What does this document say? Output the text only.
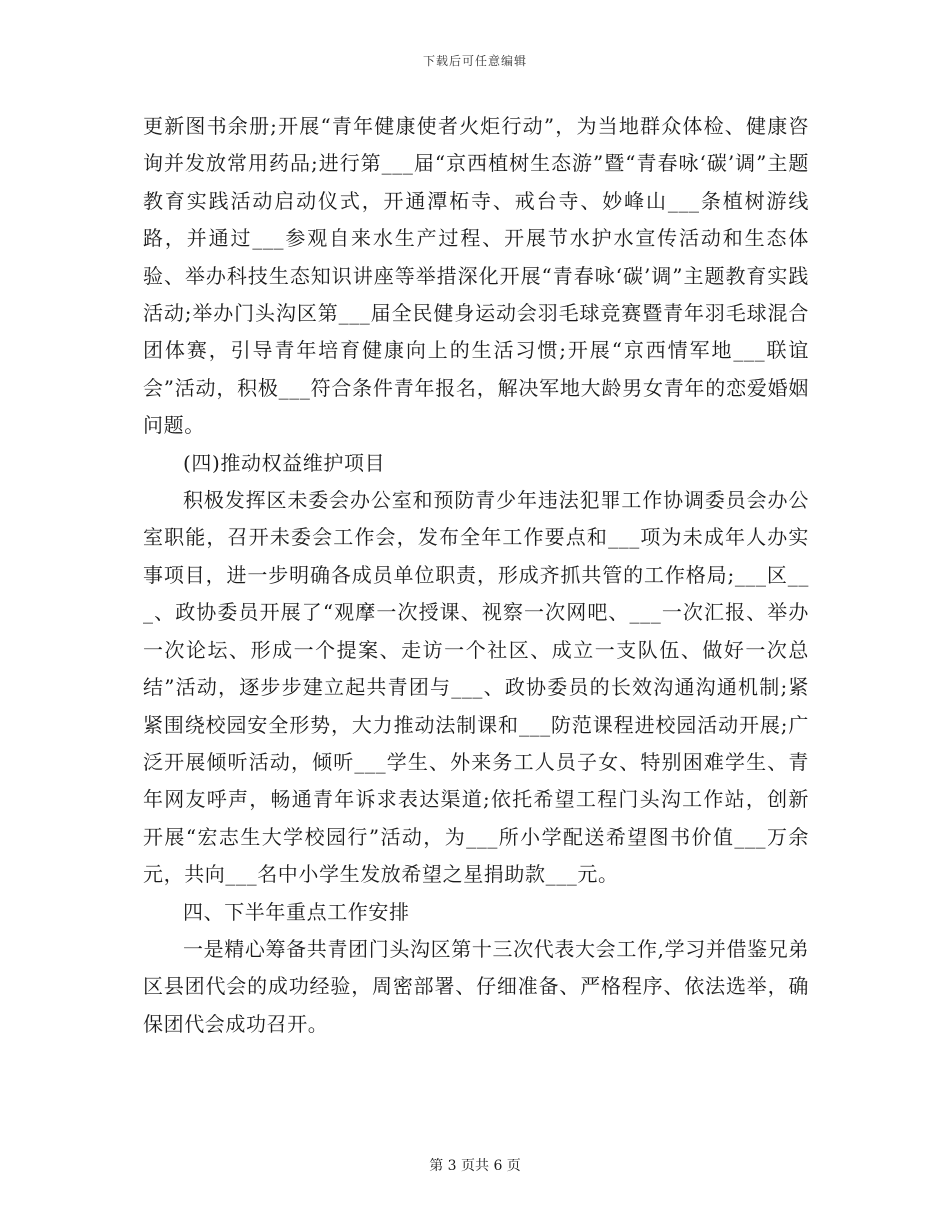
下载后可任意编辑

更新图书余册;开展“青年健康使者火炬行动”，为当地群众体检、健康咨询并发放常用药品;进行第___届“京西植树生态游”暨“青春咏‘碳’调”主题教育实践活动启动仪式，开通潭柘寺、戒台寺、妙峰山___条植树游线路，并通过___参观自来水生产过程、开展节水护水宣传活动和生态体验、举办科技生态知识讲座等举措深化开展“青春咏‘碳’调”主题教育实践活动;举办门头沟区第___届全民健身运动会羽毛球竞赛暨青年羽毛球混合团体赛，引导青年培育健康向上的生活习惯;开展“京西情军地___联谊会”活动，积极___符合条件青年报名，解决军地大龄男女青年的恋爱婚姻问题。

(四)推动权益维护项目

积极发挥区未委会办公室和预防青少年违法犯罪工作协调委员会办公室职能，召开未委会工作会，发布全年工作要点和___项为未成年人办实事项目，进一步明确各成员单位职责，形成齐抓共管的工作格局;___区___、政协委员开展了“观摩一次授课、视察一次网吧、___一次汇报、举办一次论坛、形成一个提案、走访一个社区、成立一支队伍、做好一次总结”活动，逐步步建立起共青团与___、政协委员的长效沟通沟通机制;紧紧围绕校园安全形势，大力推动法制课和___防范课程进校园活动开展;广泛开展倾听活动，倾听___学生、外来务工人员子女、特别困难学生、青年网友呼声，畅通青年诉求表达渠道;依托希望工程门头沟工作站，创新开展“宏志生大学校园行”活动，为___所小学配送希望图书价值___万余元，共向___名中小学生发放希望之星捐助款___元。

四、下半年重点工作安排

一是精心筹备共青团门头沟区第十三次代表大会工作,学习并借鉴兄弟区县团代会的成功经验，周密部署、仔细准备、严格程序、依法选举，确保团代会成功召开。

第 3 页共 6 页
